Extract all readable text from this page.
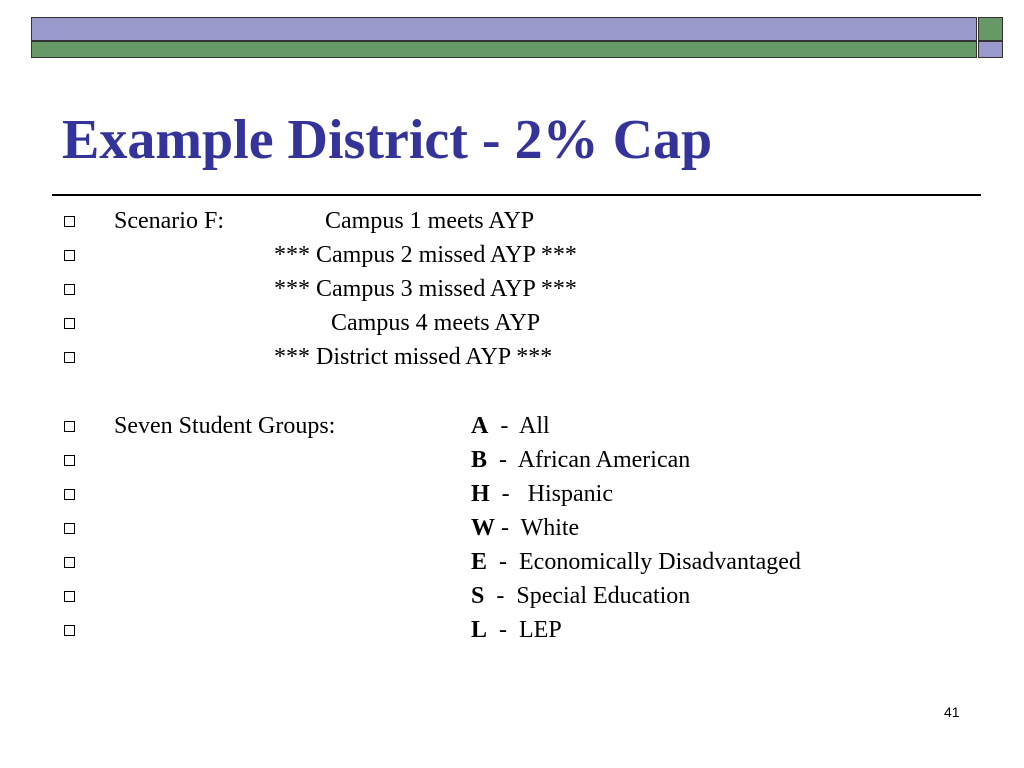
Example District - 2% Cap
Scenario F:	Campus 1 meets AYP
*** Campus 2 missed AYP ***
*** Campus 3 missed AYP ***
Campus 4 meets AYP
*** District missed AYP ***
Seven Student Groups:	A  -  All
B  -  African American
H  -   Hispanic
W -  White
E  -  Economically Disadvantaged
S  -  Special Education
L  -  LEP
41
